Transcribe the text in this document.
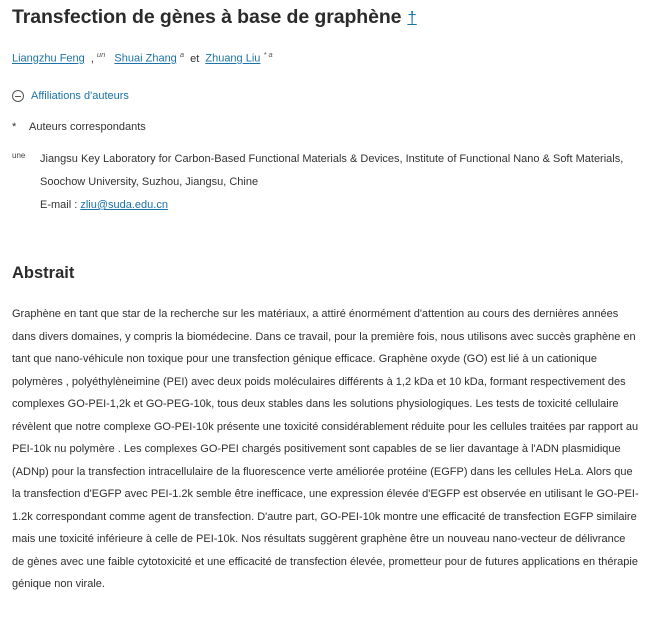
Transfection de gènes à base de graphène †
Liangzhu Feng , $^{un}$ Shuai Zhang $^a$ et Zhuang Liu $^{* a}$
Affiliations d'auteurs
* Auteurs correspondants
une Jiangsu Key Laboratory for Carbon-Based Functional Materials & Devices, Institute of Functional Nano & Soft Materials,
Soochow University, Suzhou, Jiangsu, Chine
E-mail : zliu@suda.edu.cn
Abstrait

Graphène en tant que star de la recherche sur les matériaux, a attiré énormément d'attention au cours des dernières années dans divers domaines, y compris la biomédecine. Dans ce travail, pour la première fois, nous utilisons avec succès graphène en tant que nano-véhicule non toxique pour une transfection génique efficace. Graphène oxyde (GO) est lié à un cationique polymères , polyéthylèneimine (PEI) avec deux poids moléculaires différents à 1,2 kDa et 10 kDa, formant respectivement des complexes GO-PEI-1,2k et GO-PEG-10k, tous deux stables dans les solutions physiologiques. Les tests de toxicité cellulaire révèlent que notre complexe GO-PEI-10k présente une toxicité considérablement réduite pour les cellules traitées par rapport au PEI-10k nu polymère . Les complexes GO-PEI chargés positivement sont capables de se lier davantage à l'ADN plasmidique (ADNp) pour la transfection intracellulaire de la fluorescence verte améliorée protéine (EGFP) dans les cellules HeLa. Alors que la transfection d'EGFP avec PEI-1.2k semble être inefficace, une expression élevée d'EGFP est observée en utilisant le GO-PEI-1.2k correspondant comme agent de transfection. D'autre part, GO-PEI-10k montre une efficacité de transfection EGFP similaire mais une toxicité inférieure à celle de PEI-10k. Nos résultats suggèrent graphène être un nouveau nano-vecteur de délivrance de gènes avec une faible cytotoxicité et une efficacité de transfection élevée, prometteur pour de futures applications en thérapie génique non virale.
